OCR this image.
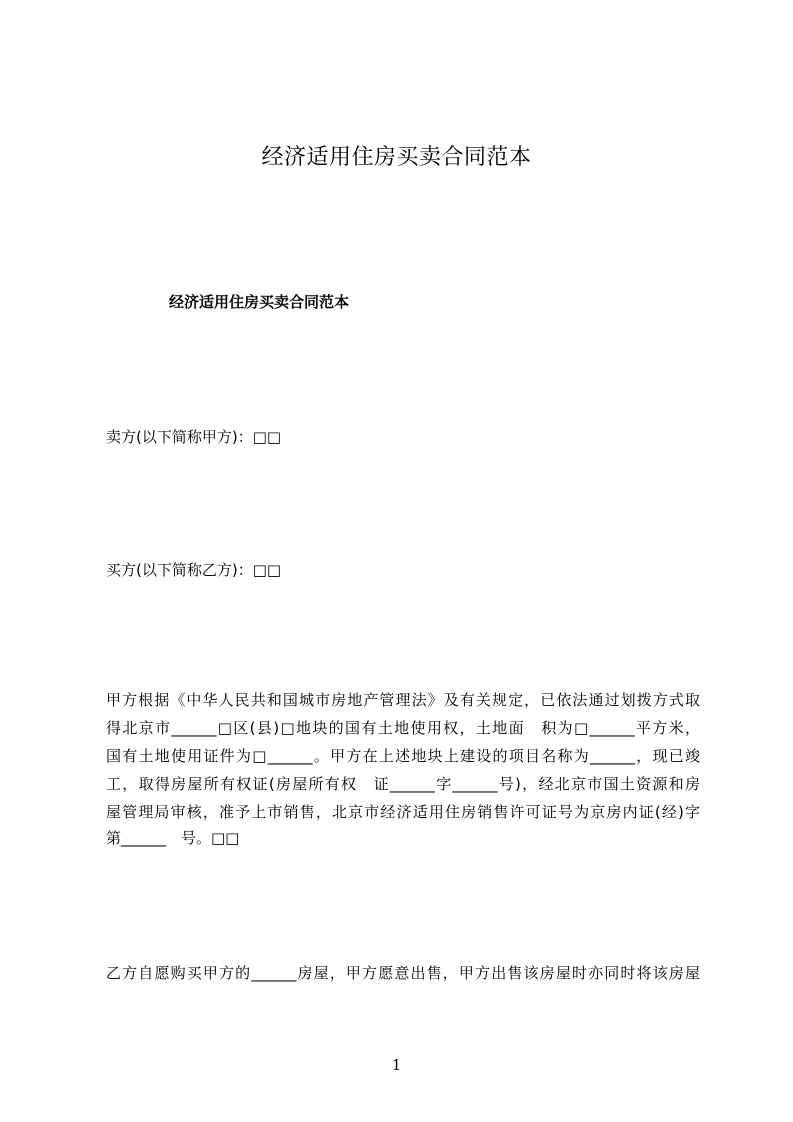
经济适用住房买卖合同范本
经济适用住房买卖合同范本
卖方(以下简称甲方)：□□
买方(以下简称乙方)：□□
甲方根据《中华人民共和国城市房地产管理法》及有关规定，已依法通过划拨方式取
得北京市______□区(县)□地块的国有土地使用权，土地面　积为□______平方米，
国有土地使用证件为□______。甲方在上述地块上建设的项目名称为______，现已竣
工，取得房屋所有权证(房屋所有权　证______字______号)，经北京市国土资源和房
屋管理局审核，准予上市销售，北京市经济适用住房销售许可证号为京房内证(经)字
第______　号。□□
乙方自愿购买甲方的______房屋，甲方愿意出售，甲方出售该房屋时亦同时将该房屋
1
